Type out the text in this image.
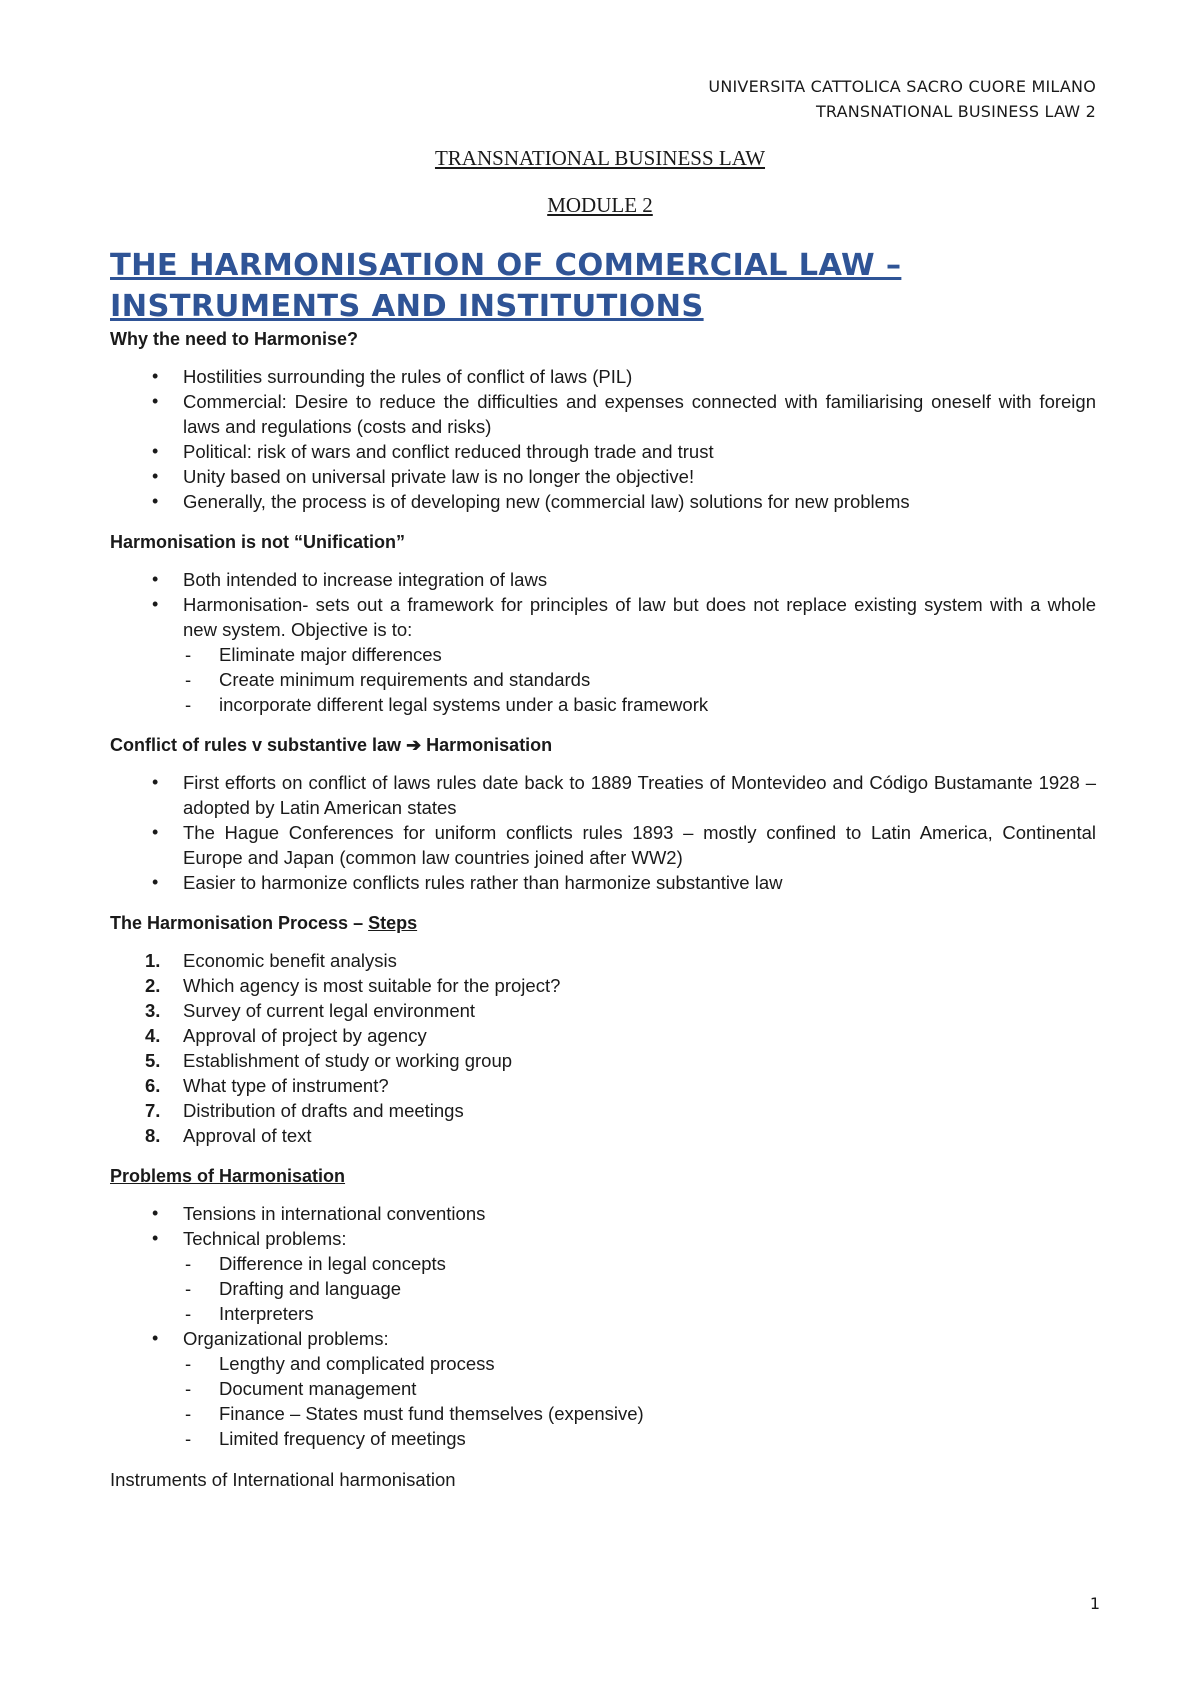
UNIVERSITA CATTOLICA SACRO CUORE MILANO
TRANSNATIONAL BUSINESS LAW 2
TRANSNATIONAL BUSINESS LAW
MODULE 2
THE HARMONISATION OF COMMERCIAL LAW –
INSTRUMENTS AND INSTITUTIONS

Why the need to Harmonise?

• Hostilities surrounding the rules of conflict of laws (PIL)
• Commercial: Desire to reduce the difficulties and expenses connected with familiarising oneself with foreign laws and regulations (costs and risks)
• Political: risk of wars and conflict reduced through trade and trust
• Unity based on universal private law is no longer the objective!
• Generally, the process is of developing new (commercial law) solutions for new problems

Harmonisation is not “Unification”

• Both intended to increase integration of laws
• Harmonisation- sets out a framework for principles of law but does not replace existing system with a whole new system. Objective is to:
- Eliminate major differences
- Create minimum requirements and standards
- incorporate different legal systems under a basic framework

Conflict of rules v substantive law ➔ Harmonisation

• First efforts on conflict of laws rules date back to 1889 Treaties of Montevideo and Código Bustamante 1928 – adopted by Latin American states
• The Hague Conferences for uniform conflicts rules 1893 – mostly confined to Latin America, Continental Europe and Japan (common law countries joined after WW2)
• Easier to harmonize conflicts rules rather than harmonize substantive law

The Harmonisation Process – Steps

1. Economic benefit analysis
2. Which agency is most suitable for the project?
3. Survey of current legal environment
4. Approval of project by agency
5. Establishment of study or working group
6. What type of instrument?
7. Distribution of drafts and meetings
8. Approval of text

Problems of Harmonisation

• Tensions in international conventions
• Technical problems:
- Difference in legal concepts
- Drafting and language
- Interpreters
• Organizational problems:
- Lengthy and complicated process
- Document management
- Finance – States must fund themselves (expensive)
- Limited frequency of meetings

Instruments of International harmonisation

1
